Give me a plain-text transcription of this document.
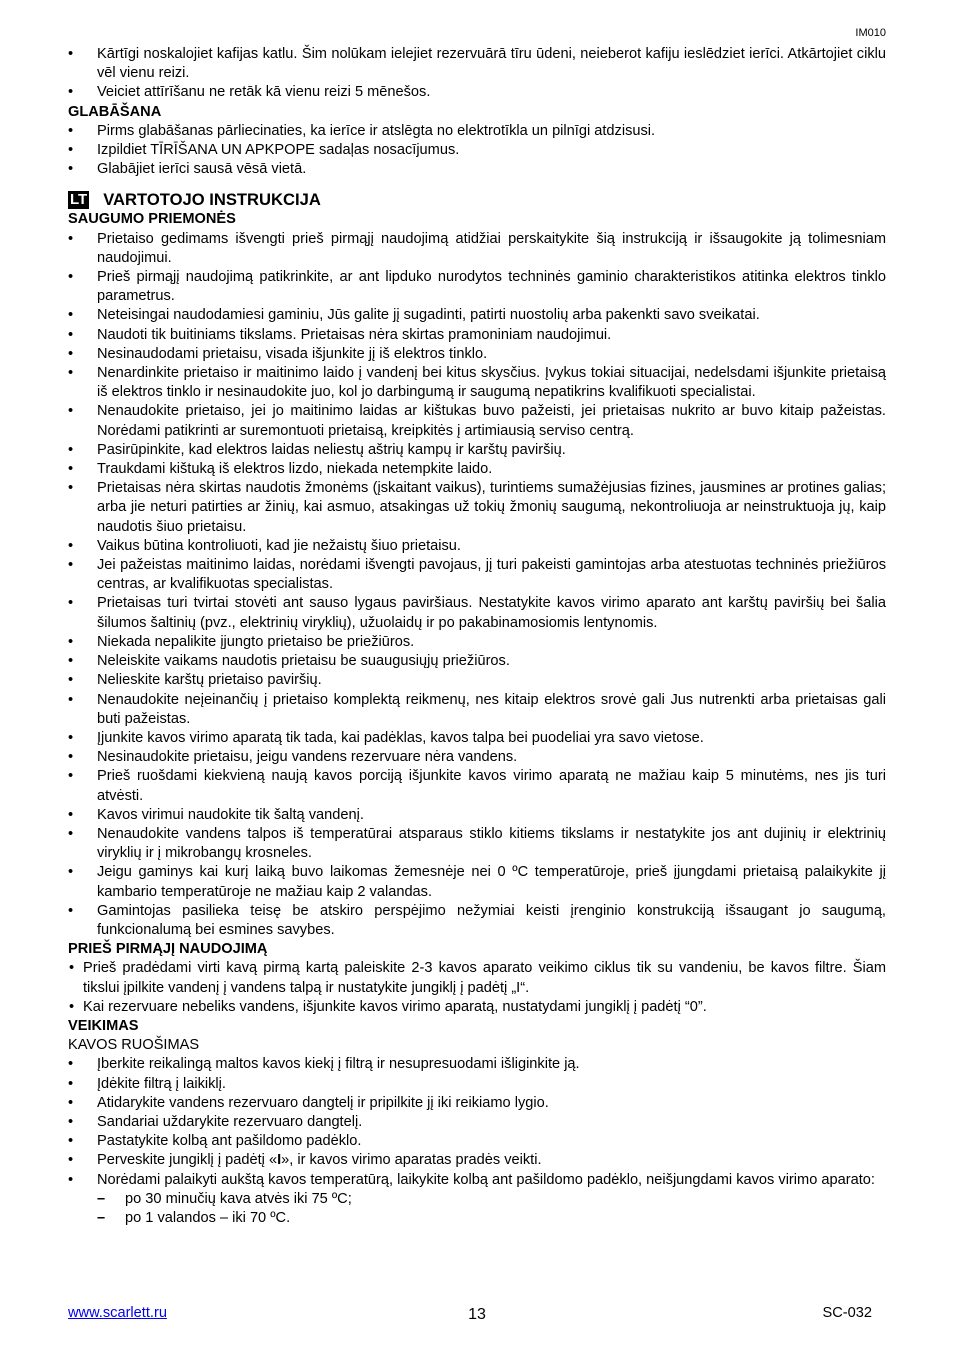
IM010
• Kārtīgi noskalojiet kafijas katlu. Šim nolūkam ielejiet rezervuārā tīru ūdeni, neieberot kafiju ieslēdziet ierīci. Atkārtojiet ciklu vēl vienu reizi.
• Veiciet attīrīšanu ne retāk kā vienu reizi 5 mēnešos.
GLABĀŠANA
• Pirms glabāšanas pārliecinaties, ka ierīce ir atslēgta no elektrotīkla un pilnīgi atdzisusi.
• Izpildiet TĪRĪŠANA UN APKPOPE sadaļas nosacījumus.
• Glabājiet ierīci sausā vēsā vietā.
LT VARTOTOJO INSTRUKCIJA
SAUGUMO PRIEMONĖS
• Prietaiso gedimams išvengti prieš pirmąjį naudojimą atidžiai perskaitykite šią instrukciją ir išsaugokite ją tolimesniam naudojimui.
• Prieš pirmąjį naudojimą patikrinkite, ar ant lipduko nurodytos techninės gaminio charakteristikos atitinka elektros tinklo parametrus.
• Neteisingai naudodamiesi gaminiu, Jūs galite jį sugadinti, patirti nuostolių arba pakenkti savo sveikatai.
• Naudoti tik buitiniams tikslams. Prietaisas nėra skirtas pramoniniam naudojimui.
• Nesinaudodami prietaisu, visada išjunkite jį iš elektros tinklo.
• Nenardinkite prietaiso ir maitinimo laido į vandenį bei kitus skysčius. Įvykus tokiai situacijai, nedelsdami išjunkite prietaisą iš elektros tinklo ir nesinaudokite juo, kol jo darbingumą ir saugumą nepatikrins kvalifikuoti specialistai.
• Nenaudokite prietaiso, jei jo maitinimo laidas ar kištukas buvo pažeisti, jei prietaisas nukrito ar buvo kitaip pažeistas. Norėdami patikrinti ar suremontuoti prietaisą, kreipkitės į artimiausią serviso centrą.
• Pasirūpinkite, kad elektros laidas neliestų aštrių kampų ir karštų paviršių.
• Traukdami kištuką iš elektros lizdo, niekada netempkite laido.
• Prietaisas nėra skirtas naudotis žmonėms (įskaitant vaikus), turintiems sumažėjusias fizines, jausmines ar protines galias; arba jie neturi patirties ar žinių, kai asmuo, atsakingas už tokių žmonių saugumą, nekontroliuoja ar neinstruktuoja jų, kaip naudotis šiuo prietaisu.
• Vaikus būtina kontroliuoti, kad jie nežaistų šiuo prietaisu.
• Jei pažeistas maitinimo laidas, norėdami išvengti pavojaus, jį turi pakeisti gamintojas arba atestuotas techninės priežiūros centras, ar kvalifikuotas specialistas.
• Prietaisas turi tvirtai stovėti ant sauso lygaus paviršiaus. Nestatykite kavos virimo aparato ant karštų paviršių bei šalia šilumos šaltinių (pvz., elektrinių viryklių), užuolaidų ir po pakabinamosiomis lentynomis.
• Niekada nepalikite įjungto prietaiso be priežiūros.
• Neleiskite vaikams naudotis prietaisu be suaugusiųjų priežiūros.
• Nelieskite karštų prietaiso paviršių.
• Nenaudokite neįeinančių į prietaiso komplektą reikmenų, nes kitaip elektros srovė gali Jus nutrenkti arba prietaisas gali buti pažeistas.
• Įjunkite kavos virimo aparatą tik tada, kai padėklas, kavos talpa bei puodeliai yra savo vietose.
• Nesinaudokite prietaisu, jeigu vandens rezervuare nėra vandens.
• Prieš ruošdami kiekvieną naują kavos porciją išjunkite kavos virimo aparatą ne mažiau kaip 5 minutėms, nes jis turi atvėsti.
• Kavos virimui naudokite tik šaltą vandenį.
• Nenaudokite vandens talpos iš temperatūrai atsparaus stiklo kitiems tikslams ir nestatykite jos ant dujinių ir elektrinių viryklių ir į mikrobangų krosneles.
• Jeigu gaminys kai kurį laiką buvo laikomas žemesnėje nei 0 ºC temperatūroje, prieš įjungdami prietaisą palaikykite jį kambario temperatūroje ne mažiau kaip 2 valandas.
• Gamintojas pasilieka teisę be atskiro perspėjimo nežymiai keisti įrenginio konstrukciją išsaugant jo saugumą, funkcionalumą bei esmines savybes.
PRIEŠ PIRMĄJĮ NAUDOJIMĄ
• Prieš pradėdami virti kavą pirmą kartą paleiskite 2-3 kavos aparato veikimo ciklus tik su vandeniu, be kavos filtre. Šiam tikslui įpilkite vandenį į vandens talpą ir nustatykite jungiklį į padėtį „I“.
• Kai rezervuare nebeliks vandens, išjunkite kavos virimo aparatą, nustatydami jungiklį į padėtį “0”.
VEIKIMAS
KAVOS RUOŠIMAS
• Įberkite reikalingą maltos kavos kiekį į filtrą ir nesupresuodami išliginkite ją.
• Įdėkite filtrą į laikiklį.
• Atidarykite vandens rezervuaro dangtelį ir pripilkite jį iki reikiamo lygio.
• Sandariai uždarykite rezervuaro dangtelį.
• Pastatykite kolbą ant pašildomo padėklo.
• Perveskite jungiklį į padėtį «I», ir kavos virimo aparatas pradės veikti.
• Norėdami palaikyti aukštą kavos temperatūrą, laikykite kolbą ant pašildomo padėklo, neišjungdami kavos virimo aparato:
– po 30 minučių kava atvės iki 75 ºC;
– po 1 valandos – iki 70 ºC.
www.scarlett.ru	13	SC-032
